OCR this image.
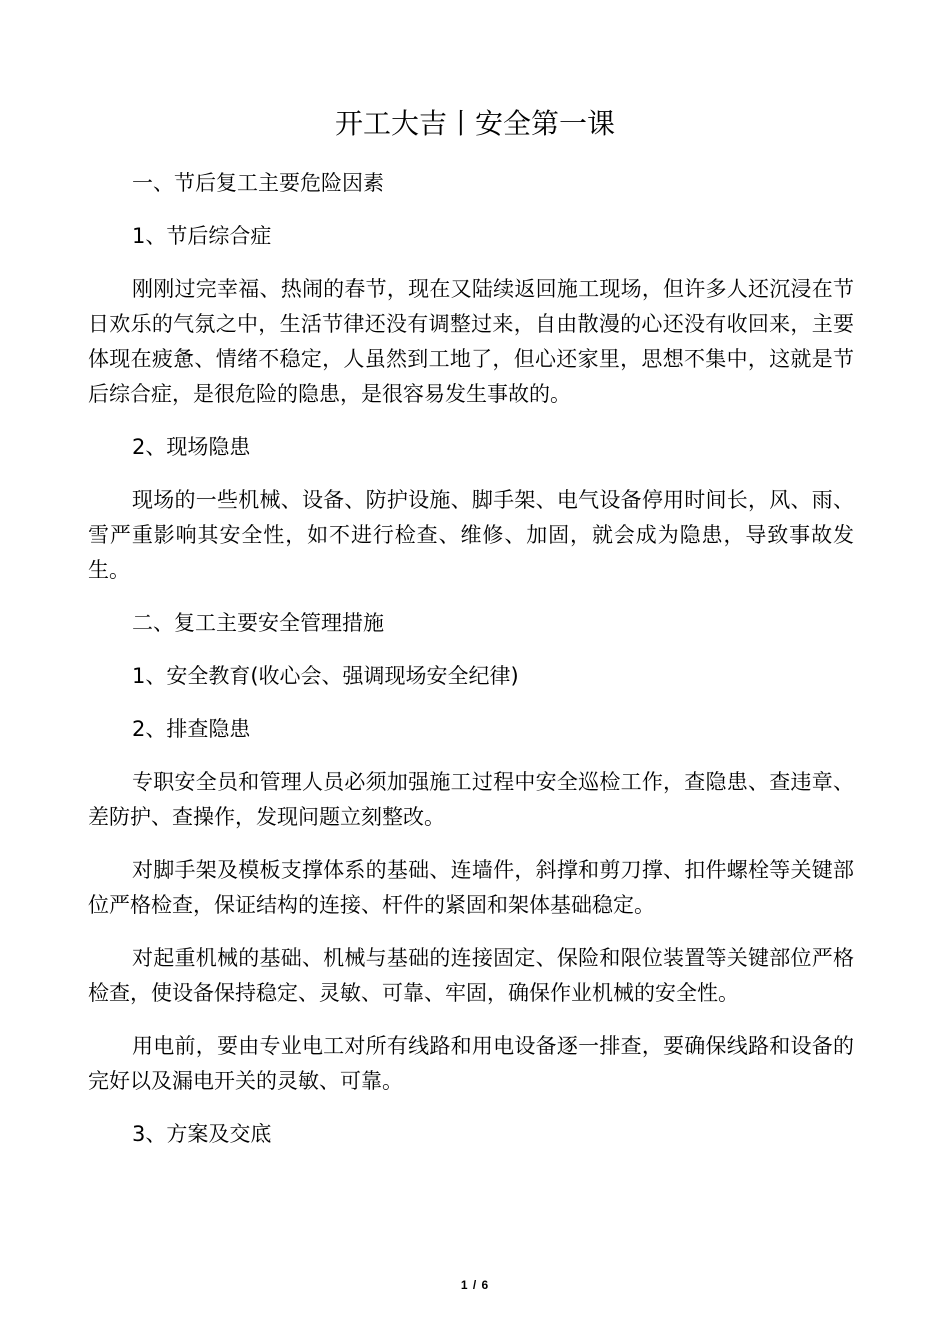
开工大吉丨安全第一课

一、节后复工主要危险因素

1、节后综合症

刚刚过完幸福、热闹的春节，现在又陆续返回施工现场，但许多人还沉浸在节日欢乐的气氛之中，生活节律还没有调整过来，自由散漫的心还没有收回来，主要体现在疲惫、情绪不稳定，人虽然到工地了，但心还家里，思想不集中，这就是节后综合症，是很危险的隐患，是很容易发生事故的。

2、现场隐患

现场的一些机械、设备、防护设施、脚手架、电气设备停用时间长，风、雨、雪严重影响其安全性，如不进行检查、维修、加固，就会成为隐患，导致事故发生。

二、复工主要安全管理措施

1、安全教育(收心会、强调现场安全纪律)

2、排查隐患

专职安全员和管理人员必须加强施工过程中安全巡检工作，查隐患、查违章、差防护、查操作，发现问题立刻整改。

对脚手架及模板支撑体系的基础、连墙件，斜撑和剪刀撑、扣件螺栓等关键部位严格检查，保证结构的连接、杆件的紧固和架体基础稳定。

对起重机械的基础、机械与基础的连接固定、保险和限位装置等关键部位严格检查，使设备保持稳定、灵敏、可靠、牢固，确保作业机械的安全性。

用电前，要由专业电工对所有线路和用电设备逐一排查，要确保线路和设备的完好以及漏电开关的灵敏、可靠。

3、方案及交底

1 / 6
